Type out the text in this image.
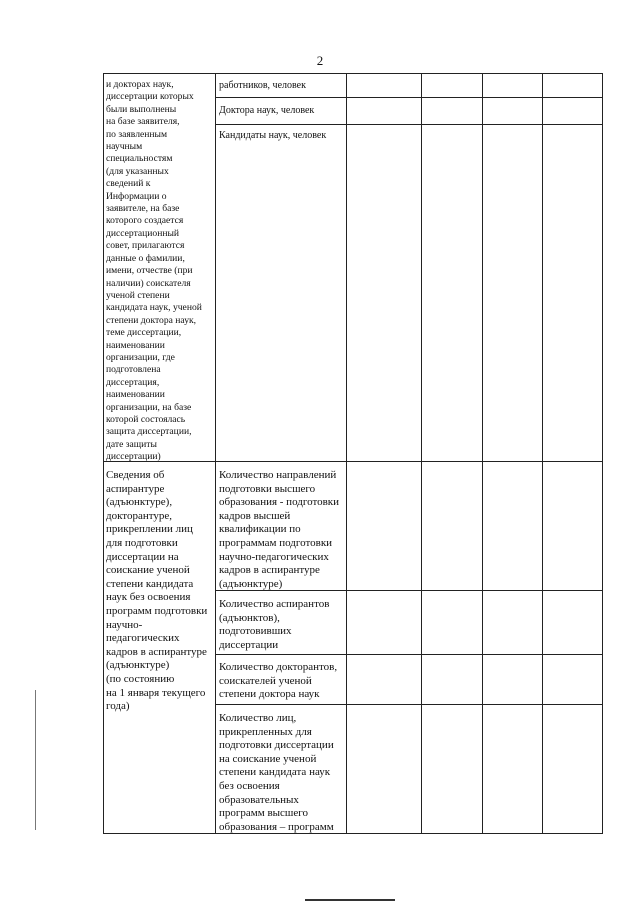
2
и докторах наук,
диссертации которых
были выполнены
на базе заявителя,
по заявленным
научным
специальностям
(для указанных
сведений к
Информации о
заявителе, на базе
которого создается
диссертационный
совет, прилагаются
данные о фамилии,
имени, отчестве (при
наличии) соискателя
ученой степени
кандидата наук, ученой
степени доктора наук,
теме диссертации,
наименовании
организации, где
подготовлена
диссертация,
наименовании
организации, на базе
которой состоялась
защита диссертации,
дате защиты
диссертации)
работников, человек
Доктора наук, человек
Кандидаты наук, человек
Сведения об
аспирантуре
(адъюнктуре),
докторантуре,
прикреплении лиц
для подготовки
диссертации на
соискание ученой
степени кандидата
наук без освоения
программ подготовки
научно-
педагогических
кадров в аспирантуре
(адъюнктуре)
(по состоянию
на 1 января текущего
года)
Количество направлений
подготовки высшего
образования - подготовки
кадров высшей
квалификации по
программам подготовки
научно-педагогических
кадров в аспирантуре
(адъюнктуре)
Количество аспирантов
(адъюнктов),
подготовивших
диссертации
Количество докторантов,
соискателей ученой
степени доктора наук
Количество лиц,
прикрепленных для
подготовки диссертации
на соискание ученой
степени кандидата наук
без освоения
образовательных
программ высшего
образования – программ
